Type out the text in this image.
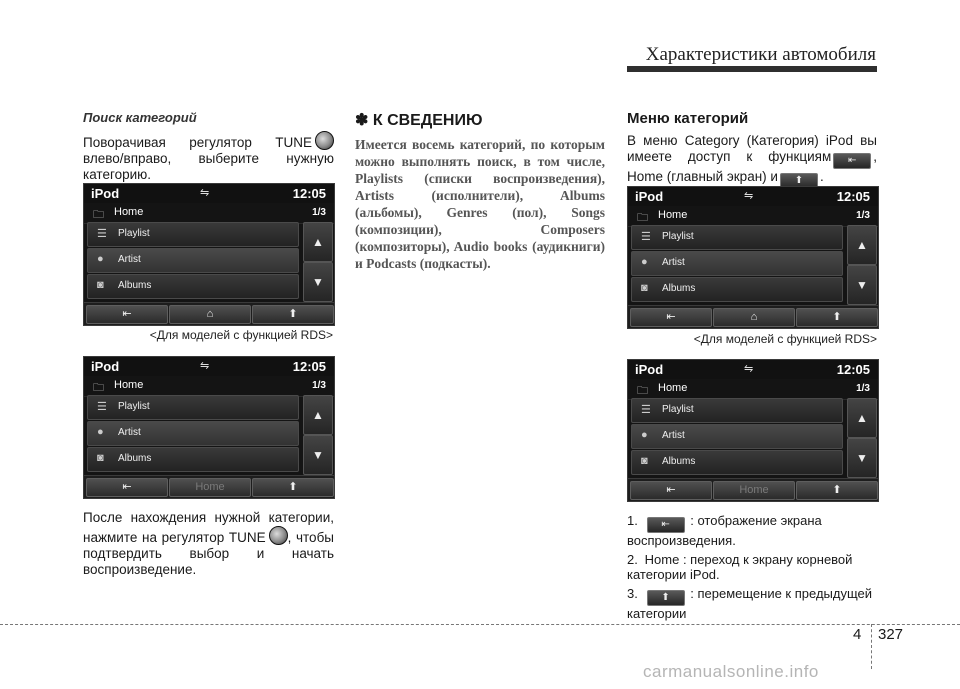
Характеристики автомобиля

Поиск категорий

Поворачивая регулятор TUNE влево/вправо, выберите нужную категорию.

iPod	⇋	12:05
🗀 Home	1/3
☰ Playlist
● Artist
◙ Albums
▲
▼
⇤	⌂	⬆
<Для моделей с функцией RDS>
iPod	⇋	12:05
🗀 Home	1/3
☰ Playlist
● Artist
◙ Albums
▲
▼
⇤	Home	⬆

После нахождения нужной категории, нажмите на регулятор TUNE , чтобы подтвердить выбор и начать воспроизведение.

✽ К СВЕДЕНИЮ

Имеется восемь категорий, по которым можно выполнять поиск, в том числе, Playlists (списки воспроизведения), Artists (исполнители), Albums (альбомы), Genres (пол), Songs (композиции), Composers (композиторы), Audio books (аудикниги) и Podcasts (подкасты).

Меню категорий

В меню Category (Категория) iPod вы имеете доступ к функциям ⇤ , Home (главный экран) и ⬆ .

iPod	⇋	12:05
🗀 Home	1/3
☰ Playlist
● Artist
◙ Albums
▲
▼
⇤	⌂	⬆
<Для моделей с функцией RDS>
iPod	⇋	12:05
🗀 Home	1/3
☰ Playlist
● Artist
◙ Albums
▲
▼
⇤	Home	⬆
1. ⇤ : отображение экрана воспроизведения.
2. Home : переход к экрану корневой категории iPod.
3. ⬆ : перемещение к предыдущей категории
4 327
carmanualsonline.info
